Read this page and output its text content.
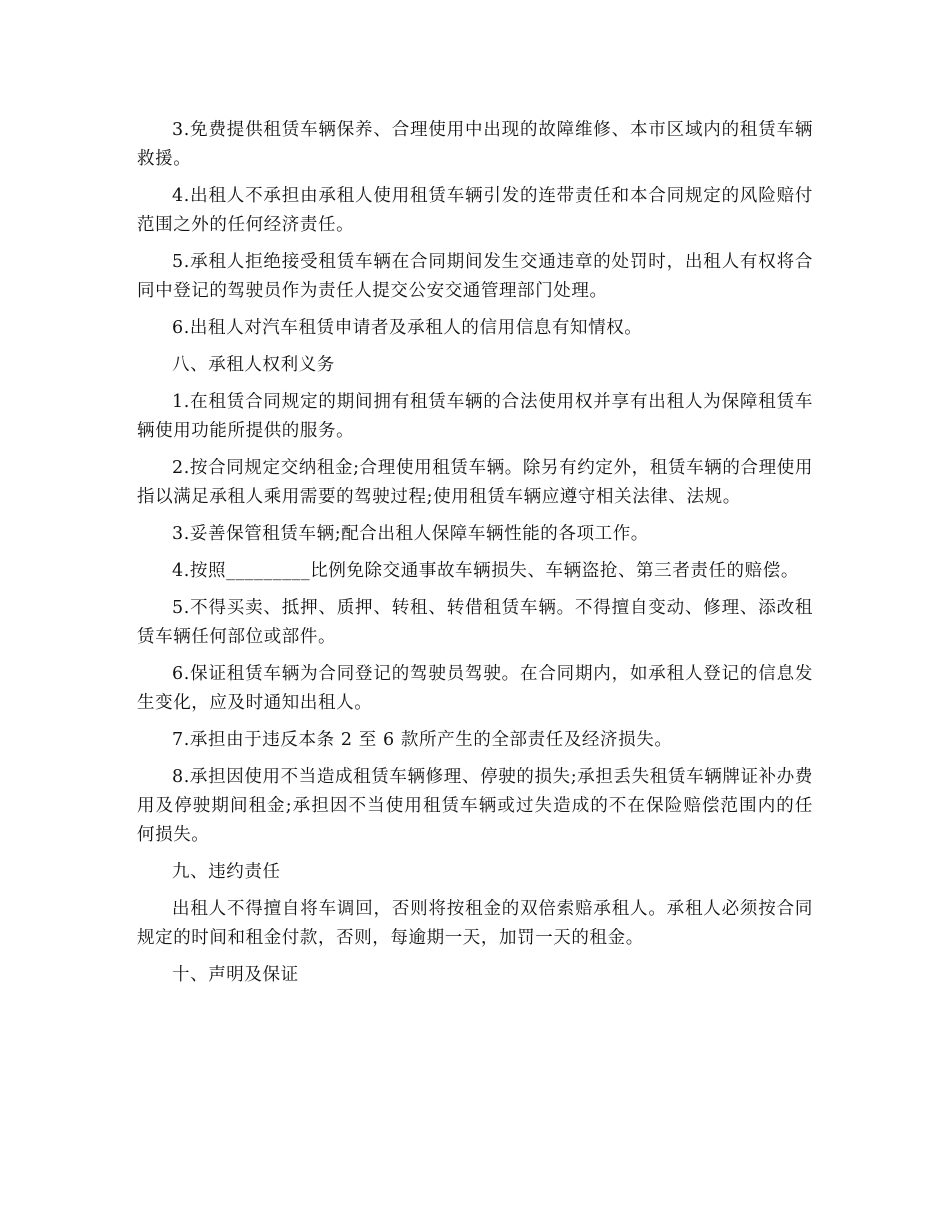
3.免费提供租赁车辆保养、合理使用中出现的故障维修、本市区域内的租赁车辆救援。

4.出租人不承担由承租人使用租赁车辆引发的连带责任和本合同规定的风险赔付范围之外的任何经济责任。

5.承租人拒绝接受租赁车辆在合同期间发生交通违章的处罚时，出租人有权将合同中登记的驾驶员作为责任人提交公安交通管理部门处理。

6.出租人对汽车租赁申请者及承租人的信用信息有知情权。

八、承租人权利义务

1.在租赁合同规定的期间拥有租赁车辆的合法使用权并享有出租人为保障租赁车辆使用功能所提供的服务。

2.按合同规定交纳租金;合理使用租赁车辆。除另有约定外，租赁车辆的合理使用指以满足承租人乘用需要的驾驶过程;使用租赁车辆应遵守相关法律、法规。

3.妥善保管租赁车辆;配合出租人保障车辆性能的各项工作。

4.按照_________比例免除交通事故车辆损失、车辆盗抢、第三者责任的赔偿。

5.不得买卖、抵押、质押、转租、转借租赁车辆。不得擅自变动、修理、添改租赁车辆任何部位或部件。

6.保证租赁车辆为合同登记的驾驶员驾驶。在合同期内，如承租人登记的信息发生变化，应及时通知出租人。

7.承担由于违反本条 2 至 6 款所产生的全部责任及经济损失。

8.承担因使用不当造成租赁车辆修理、停驶的损失;承担丢失租赁车辆牌证补办费用及停驶期间租金;承担因不当使用租赁车辆或过失造成的不在保险赔偿范围内的任何损失。

九、违约责任

出租人不得擅自将车调回，否则将按租金的双倍索赔承租人。承租人必须按合同规定的时间和租金付款，否则，每逾期一天，加罚一天的租金。

十、声明及保证
